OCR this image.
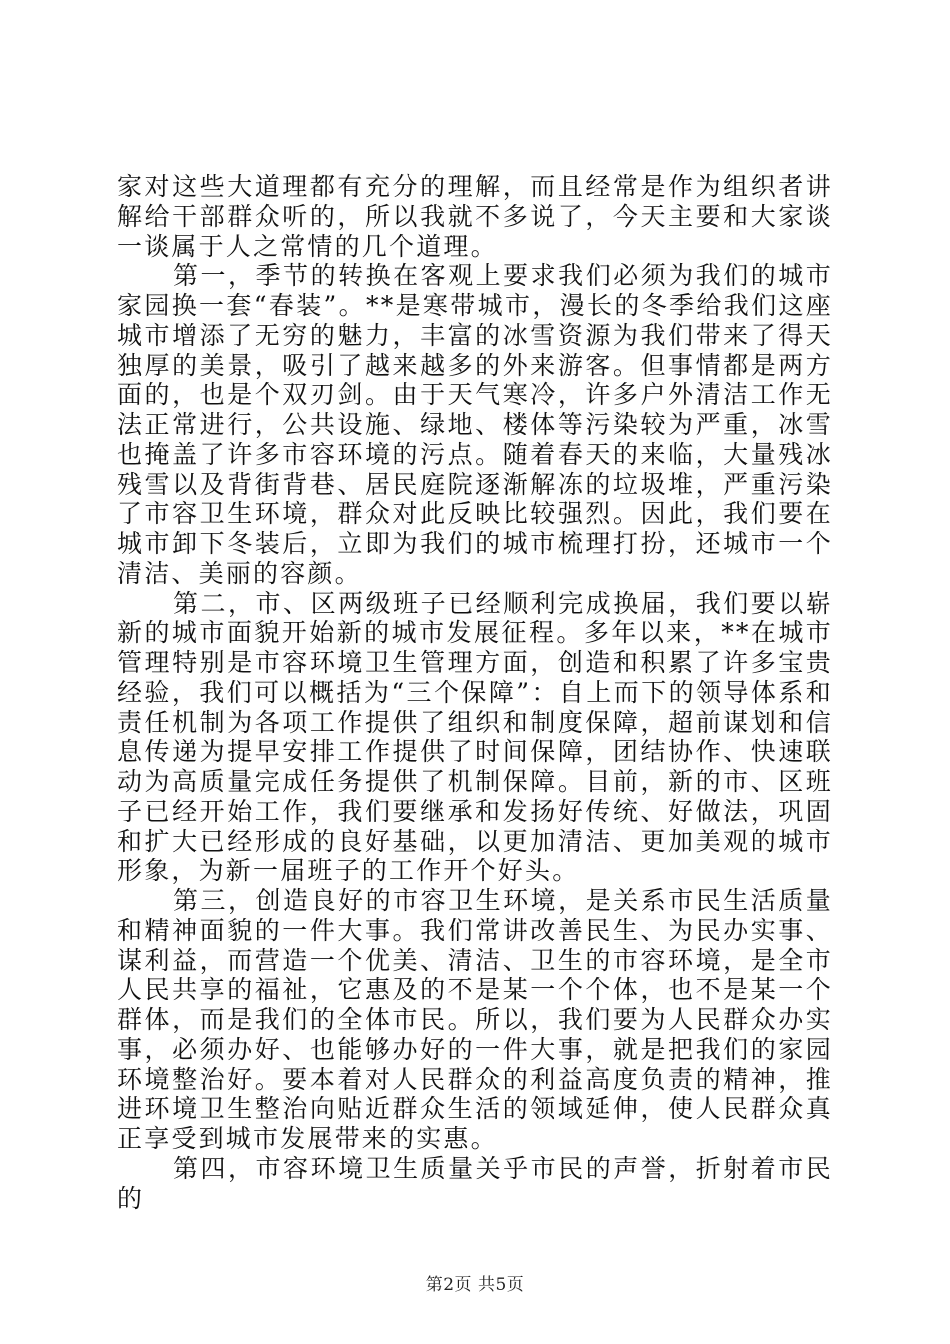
家对这些大道理都有充分的理解，而且经常是作为组织者讲解给干部群众听的，所以我就不多说了，今天主要和大家谈一谈属于人之常情的几个道理。

第一，季节的转换在客观上要求我们必须为我们的城市家园换一套“春装”。**是寒带城市，漫长的冬季给我们这座城市增添了无穷的魅力，丰富的冰雪资源为我们带来了得天独厚的美景，吸引了越来越多的外来游客。但事情都是两方面的，也是个双刃剑。由于天气寒冷，许多户外清洁工作无法正常进行，公共设施、绿地、楼体等污染较为严重，冰雪也掩盖了许多市容环境的污点。随着春天的来临，大量残冰残雪以及背街背巷、居民庭院逐渐解冻的垃圾堆，严重污染了市容卫生环境，群众对此反映比较强烈。因此，我们要在城市卸下冬装后，立即为我们的城市梳理打扮，还城市一个清洁、美丽的容颜。

第二，市、区两级班子已经顺利完成换届，我们要以崭新的城市面貌开始新的城市发展征程。多年以来，**在城市管理特别是市容环境卫生管理方面，创造和积累了许多宝贵经验，我们可以概括为“三个保障”：自上而下的领导体系和责任机制为各项工作提供了组织和制度保障，超前谋划和信息传递为提早安排工作提供了时间保障，团结协作、快速联动为高质量完成任务提供了机制保障。目前，新的市、区班子已经开始工作，我们要继承和发扬好传统、好做法，巩固和扩大已经形成的良好基础，以更加清洁、更加美观的城市形象，为新一届班子的工作开个好头。

第三，创造良好的市容卫生环境，是关系市民生活质量和精神面貌的一件大事。我们常讲改善民生、为民办实事、谋利益，而营造一个优美、清洁、卫生的市容环境，是全市人民共享的福祉，它惠及的不是某一个个体，也不是某一个群体，而是我们的全体市民。所以，我们要为人民群众办实事，必须办好、也能够办好的一件大事，就是把我们的家园环境整治好。要本着对人民群众的利益高度负责的精神，推进环境卫生整治向贴近群众生活的领域延伸，使人民群众真正享受到城市发展带来的实惠。

第四，市容环境卫生质量关乎市民的声誉，折射着市民的

第2页 共5页
